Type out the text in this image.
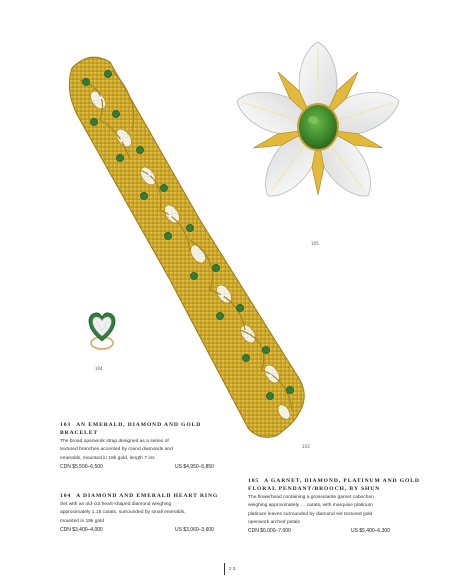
103
104
105
103 AN EMERALD, DIAMOND AND GOLD BRACELET
The broad openwork strap designed as a series of
textured branches accented by round diamonds and
emeralds, mounted in 18k gold, length 7 ins
CDN $5,500–6,500	US $4,950–5,850
104 A DIAMOND AND EMERALD HEART RING
Set with an old-cut heart-shaped diamond weighing
approximately 1.15 carats, surrounded by small emeralds,
mounted in 18k gold
CDN $3,400–4,000	US $3,060–3,600
105 A GARNET, DIAMOND, PLATINUM AND GOLD FLORAL PENDANT/BROOCH, BY SHUN
The flowerhead containing a grossularite garnet cabochon
weighing approximately … carats, with marquise platinum
platinum leaves surrounded by diamond set textured gold
openwork arched petals
CDN $6,000–7,000	US $5,400–6,300
2 3
